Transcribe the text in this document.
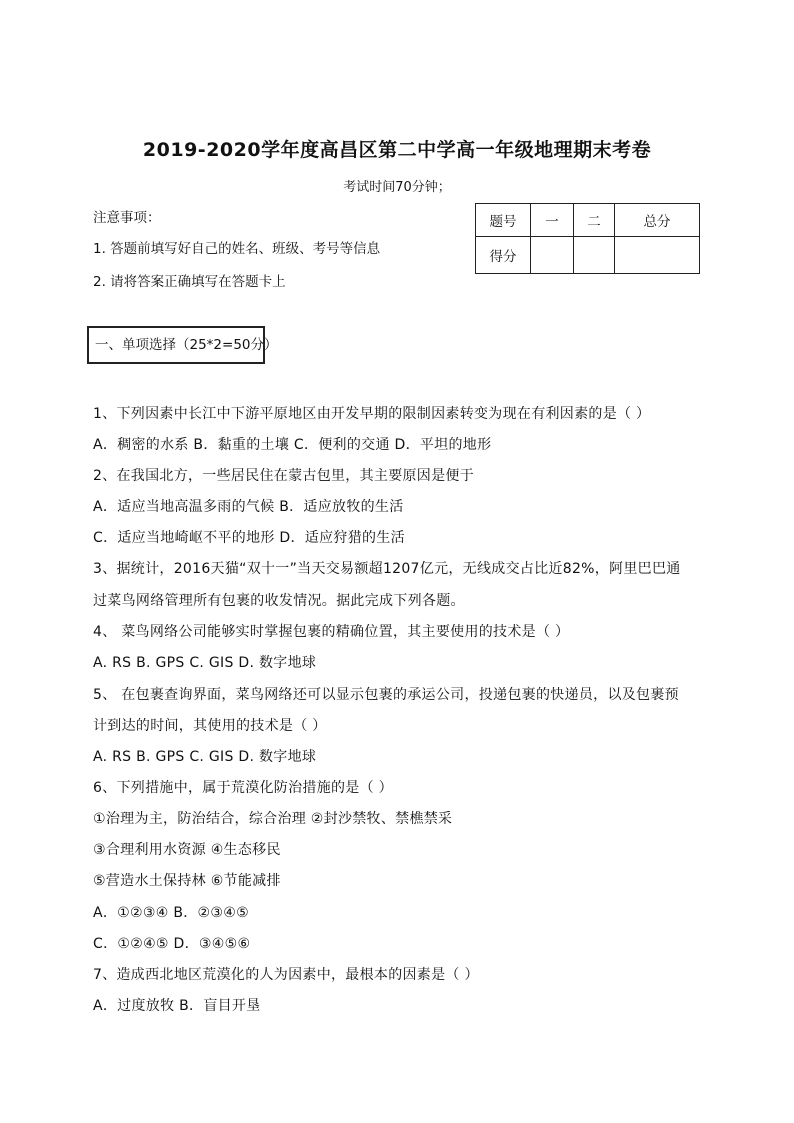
2019-2020学年度高昌区第二中学高一年级地理期末考卷
考试时间70分钟；
注意事项：
1. 答题前填写好自己的姓名、班级、考号等信息
2. 请将答案正确填写在答题卡上
题号	一	二	总分
得分			
一、单项选择（25*2=50分）
1、下列因素中长江中下游平原地区由开发早期的限制因素转变为现在有利因素的是（ ）
A．稠密的水系 B．黏重的土壤 C．便利的交通 D．平坦的地形
2、在我国北方，一些居民住在蒙古包里，其主要原因是便于
A．适应当地高温多雨的气候 B．适应放牧的生活
C．适应当地崎岖不平的地形 D．适应狩猎的生活
3、据统计，2016天猫“双十一”当天交易额超1207亿元，无线成交占比近82%，阿里巴巴通
过菜鸟网络管理所有包裹的收发情况。据此完成下列各题。
4、 菜鸟网络公司能够实时掌握包裹的精确位置，其主要使用的技术是（ ）
A. RS B. GPS C. GIS D. 数字地球
5、 在包裹查询界面，菜鸟网络还可以显示包裹的承运公司，投递包裹的快递员，以及包裹预
计到达的时间，其使用的技术是（ ）
A. RS B. GPS C. GIS D. 数字地球
6、下列措施中，属于荒漠化防治措施的是（ ）
①治理为主，防治结合，综合治理 ②封沙禁牧、禁樵禁采
③合理利用水资源 ④生态移民
⑤营造水土保持林 ⑥节能减排
A．①②③④ B．②③④⑤
C．①②④⑤ D．③④⑤⑥
7、造成西北地区荒漠化的人为因素中，最根本的因素是（ ）
A．过度放牧 B．盲目开垦
